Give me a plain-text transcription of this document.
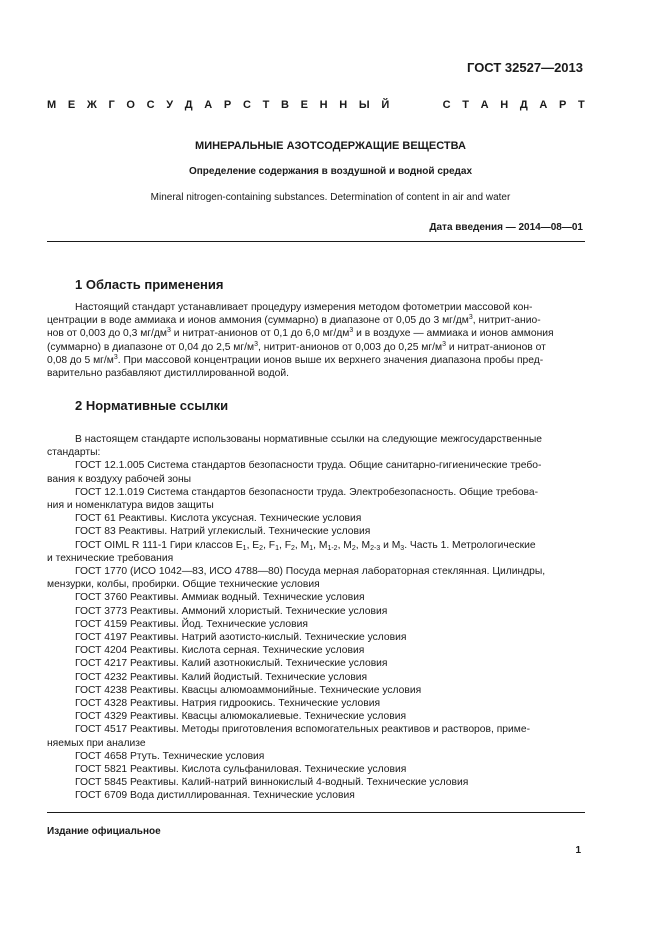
ГОСТ 32527—2013
М Е Ж Г О С У Д А Р С Т В Е Н Н Ы Й	С Т А Н Д А Р Т
МИНЕРАЛЬНЫЕ АЗОТСОДЕРЖАЩИЕ ВЕЩЕСТВА
Определение содержания в воздушной и водной средах
Mineral nitrogen-containing substances. Determination of content in air and water
Дата введения — 2014—08—01
1 Область применения
Настоящий стандарт устанавливает процедуру измерения методом фотометрии массовой кон-
центрации в воде аммиака и ионов аммония (суммарно) в диапазоне от 0,05 до 3 $мг/дм^3$, нитрит-анио-
нов от 0,003 до 0,3 $мг/дм^3$ и нитрат-анионов от 0,1 до 6,0 $мг/дм^3$ и в воздухе — аммиака и ионов аммония
(суммарно) в диапазоне от 0,04 до 2,5 $мг/м^3$, нитрит-анионов от 0,003 до 0,25 $мг/м^3$ и нитрат-анионов от
0,08 до 5 $мг/м^3$. При массовой концентрации ионов выше их верхнего значения диапазона пробы пред-
варительно разбавляют дистиллированной водой.
2 Нормативные ссылки
В настоящем стандарте использованы нормативные ссылки на следующие межгосударственные
стандарты:
ГОСТ 12.1.005 Система стандартов безопасности труда. Общие санитарно-гигиенические требо-
вания к воздуху рабочей зоны
ГОСТ 12.1.019 Система стандартов безопасности труда. Электробезопасность. Общие требова-
ния и номенклатура видов защиты
ГОСТ 61 Реактивы. Кислота уксусная. Технические условия
ГОСТ 83 Реактивы. Натрий углекислый. Технические условия
ГОСТ OIML R 111-1 Гири классов $E_1$, $E_2$, $F_1$, $F_2$, $M_1$, $M_{1-2}$, $M_2$, $M_{2-3}$ и $M_3$. Часть 1. Метрологические
и технические требования
ГОСТ 1770 (ИСО 1042—83, ИСО 4788—80) Посуда мерная лабораторная стеклянная. Цилиндры,
мензурки, колбы, пробирки. Общие технические условия
ГОСТ 3760 Реактивы. Аммиак водный. Технические условия
ГОСТ 3773 Реактивы. Аммоний хлористый. Технические условия
ГОСТ 4159 Реактивы. Йод. Технические условия
ГОСТ 4197 Реактивы. Натрий азотисто-кислый. Технические условия
ГОСТ 4204 Реактивы. Кислота серная. Технические условия
ГОСТ 4217 Реактивы. Калий азотнокислый. Технические условия
ГОСТ 4232 Реактивы. Калий йодистый. Технические условия
ГОСТ 4238 Реактивы. Квасцы алюмоаммонийные. Технические условия
ГОСТ 4328 Реактивы. Натрия гидроокись. Технические условия
ГОСТ 4329 Реактивы. Квасцы алюмокалиевые. Технические условия
ГОСТ 4517 Реактивы. Методы приготовления вспомогательных реактивов и растворов, приме-
няемых при анализе
ГОСТ 4658 Ртуть. Технические условия
ГОСТ 5821 Реактивы. Кислота сульфаниловая. Технические условия
ГОСТ 5845 Реактивы. Калий-натрий виннокислый 4-водный. Технические условия
ГОСТ 6709 Вода дистиллированная. Технические условия
Издание официальное
1
